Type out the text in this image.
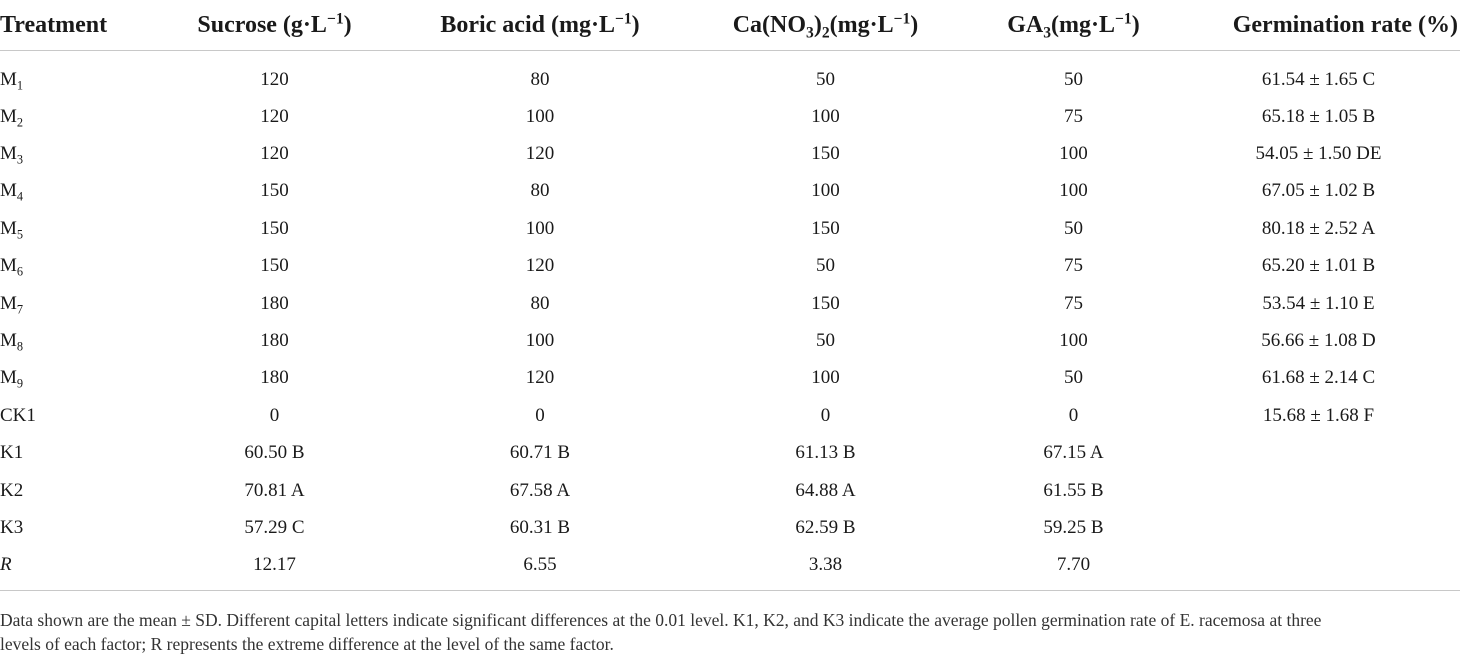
Treatment	Sucrose $(g\cdot L^{-1})$	Boric acid $(mg\cdot L^{-1})$	$Ca(NO_3)_2(mg\cdot L^{-1})$	$GA_3(mg\cdot L^{-1})$	Germination rate (%)
$M_1$	120	80	50	50	61.54 ± 1.65 C
$M_2$	120	100	100	75	65.18 ± 1.05 B
$M_3$	120	120	150	100	54.05 ± 1.50 DE
$M_4$	150	80	100	100	67.05 ± 1.02 B
$M_5$	150	100	150	50	80.18 ± 2.52 A
$M_6$	150	120	50	75	65.20 ± 1.01 B
$M_7$	180	80	150	75	53.54 ± 1.10 E
$M_8$	180	100	50	100	56.66 ± 1.08 D
$M_9$	180	120	100	50	61.68 ± 2.14 C
CK1	0	0	0	0	15.68 ± 1.68 F
K1	60.50 B	60.71 B	61.13 B	67.15 A	
K2	70.81 A	67.58 A	64.88 A	61.55 B	
K3	57.29 C	60.31 B	62.59 B	59.25 B	
R	12.17	6.55	3.38	7.70	
Data shown are the mean ± SD. Different capital letters indicate significant differences at the 0.01 level. K1, K2, and K3 indicate the average pollen germination rate of E. racemosa at three
levels of each factor; R represents the extreme difference at the level of the same factor.
